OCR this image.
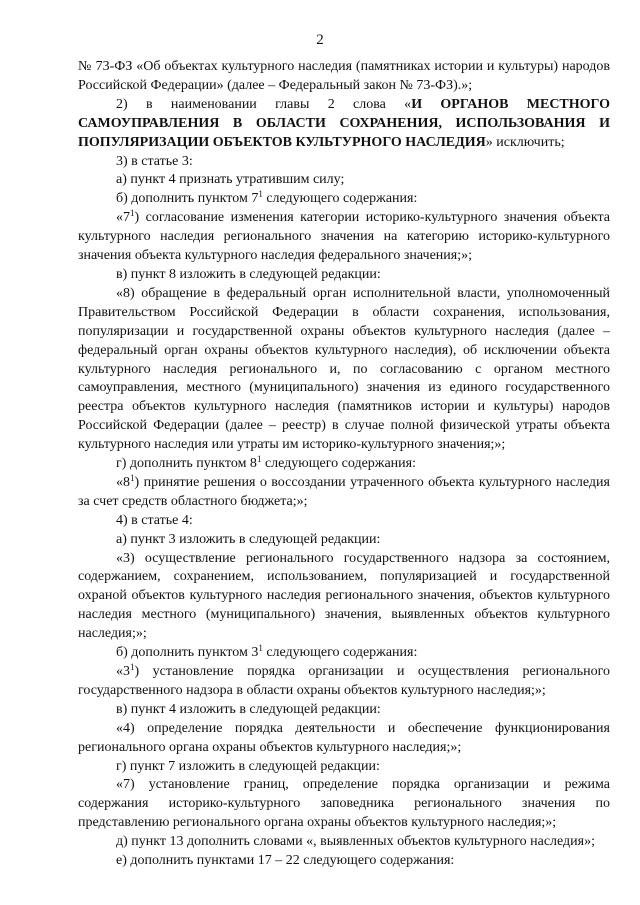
2

№ 73-ФЗ «Об объектах культурного наследия (памятниках истории и культуры) народов Российской Федерации» (далее – Федеральный закон № 73-ФЗ).»;

2) в наименовании главы 2 слова «И ОРГАНОВ МЕСТНОГО САМОУПРАВЛЕНИЯ В ОБЛАСТИ СОХРАНЕНИЯ, ИСПОЛЬЗОВАНИЯ И ПОПУЛЯРИЗАЦИИ ОБЪЕКТОВ КУЛЬТУРНОГО НАСЛЕДИЯ» исключить;

3) в статье 3:

а) пункт 4 признать утратившим силу;

б) дополнить пунктом $7^1$ следующего содержания:

«$7^1$) согласование изменения категории историко-культурного значения объекта культурного наследия регионального значения на категорию историко-культурного значения объекта культурного наследия федерального значения;»;

в) пункт 8 изложить в следующей редакции:

«8) обращение в федеральный орган исполнительной власти, уполномоченный Правительством Российской Федерации в области сохранения, использования, популяризации и государственной охраны объектов культурного наследия (далее – федеральный орган охраны объектов культурного наследия), об исключении объекта культурного наследия регионального и, по согласованию с органом местного самоуправления, местного (муниципального) значения из единого государственного реестра объектов культурного наследия (памятников истории и культуры) народов Российской Федерации (далее – реестр) в случае полной физической утраты объекта культурного наследия или утраты им историко-культурного значения;»;

г) дополнить пунктом $8^1$ следующего содержания:

«$8^1$) принятие решения о воссоздании утраченного объекта культурного наследия за счет средств областного бюджета;»;

4) в статье 4:

а) пункт 3 изложить в следующей редакции:

«3) осуществление регионального государственного надзора за состоянием, содержанием, сохранением, использованием, популяризацией и государственной охраной объектов культурного наследия регионального значения, объектов культурного наследия местного (муниципального) значения, выявленных объектов культурного наследия;»;

б) дополнить пунктом $3^1$ следующего содержания:

«$3^1$) установление порядка организации и осуществления регионального государственного надзора в области охраны объектов культурного наследия;»;

в) пункт 4 изложить в следующей редакции:

«4) определение порядка деятельности и обеспечение функционирования регионального органа охраны объектов культурного наследия;»;

г) пункт 7 изложить в следующей редакции:

«7) установление границ, определение порядка организации и режима содержания историко-культурного заповедника регионального значения по представлению регионального органа охраны объектов культурного наследия;»;

д) пункт 13 дополнить словами «, выявленных объектов культурного наследия»;

е) дополнить пунктами 17 – 22 следующего содержания:
